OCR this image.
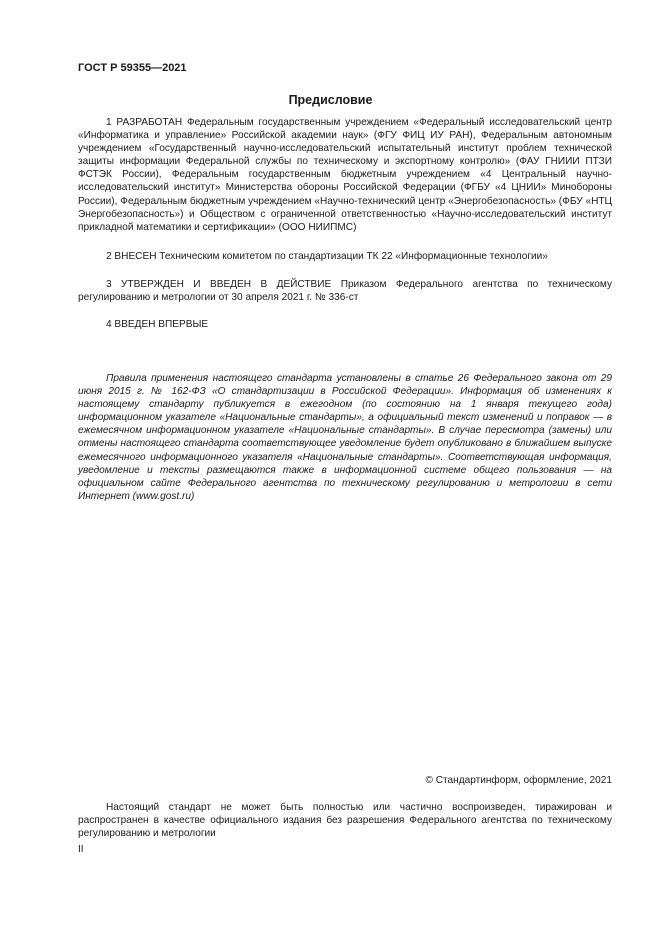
ГОСТ Р 59355—2021
Предисловие

1 РАЗРАБОТАН Федеральным государственным учреждением «Федеральный исследовательский центр «Информатика и управление» Российской академии наук» (ФГУ ФИЦ ИУ РАН), Федеральным автономным учреждением «Государственный научно-исследовательский испытательный институт проблем технической защиты информации Федеральной службы по техническому и экспортному контролю» (ФАУ ГНИИИ ПТЗИ ФСТЭК России), Федеральным государственным бюджетным учреждением «4 Центральный научно-исследовательский институт» Министерства обороны Российской Федерации (ФГБУ «4 ЦНИИ» Минобороны России), Федеральным бюджетным учреждением «Научно-технический центр «Энергобезопасность» (ФБУ «НТЦ Энергобезопасность») и Обществом с ограниченной ответственностью «Научно-исследовательский институт прикладной математики и сертификации» (ООО НИИПМС)

2 ВНЕСЕН Техническим комитетом по стандартизации ТК 22 «Информационные технологии»

3 УТВЕРЖДЕН И ВВЕДЕН В ДЕЙСТВИЕ Приказом Федерального агентства по техническому регулированию и метрологии от 30 апреля 2021 г. № 336-ст

4 ВВЕДЕН ВПЕРВЫЕ

Правила применения настоящего стандарта установлены в статье 26 Федерального закона от 29 июня 2015 г. № 162-ФЗ «О стандартизации в Российской Федерации». Информация об изменениях к настоящему стандарту публикуется в ежегодном (по состоянию на 1 января текущего года) информационном указателе «Национальные стандарты», а официальный текст изменений и поправок — в ежемесячном информационном указателе «Национальные стандарты». В случае пересмотра (замены) или отмены настоящего стандарта соответствующее уведомление будет опубликовано в ближайшем выпуске ежемесячного информационного указателя «Национальные стандарты». Соответствующая информация, уведомление и тексты размещаются также в информационной системе общего пользования — на официальном сайте Федерального агентства по техническому регулированию и метрологии в сети Интернет (www.gost.ru)

© Стандартинформ, оформление, 2021

Настоящий стандарт не может быть полностью или частично воспроизведен, тиражирован и распространен в качестве официального издания без разрешения Федерального агентства по техническому регулированию и метрологии

II
